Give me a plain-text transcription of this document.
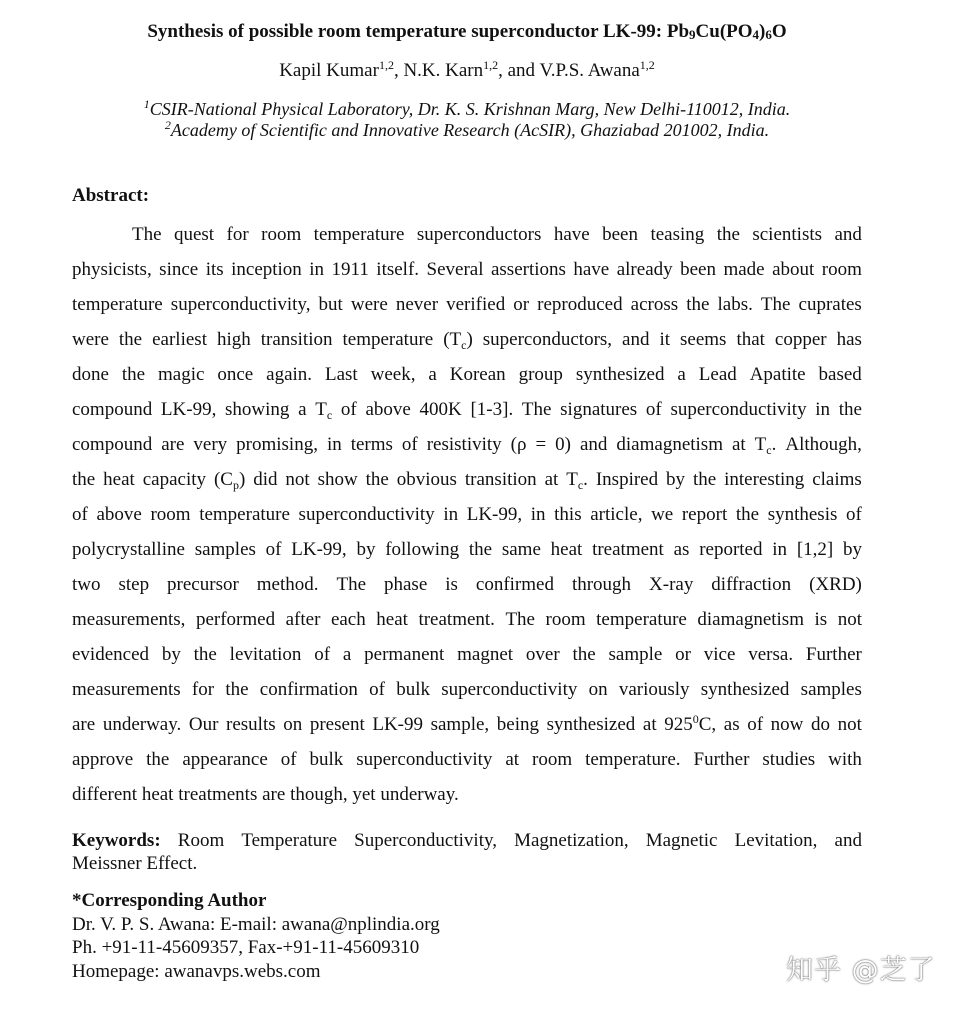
Synthesis of possible room temperature superconductor LK-99: $Pb_9Cu(PO_4)_6O$
Kapil Kumar$^{1,2}$, N.K. Karn$^{1,2}$, and V.P.S. Awana$^{1,2}$
$^1$CSIR-National Physical Laboratory, Dr. K. S. Krishnan Marg, New Delhi-110012, India.
$^2$Academy of Scientific and Innovative Research (AcSIR), Ghaziabad 201002, India.
Abstract:
The quest for room temperature superconductors have been teasing the scientists and
physicists, since its inception in 1911 itself. Several assertions have already been made about room
temperature superconductivity, but were never verified or reproduced across the labs. The cuprates
were the earliest high transition temperature $(T_c)$ superconductors, and it seems that copper has
done the magic once again. Last week, a Korean group synthesized a Lead Apatite based
compound LK-99, showing a $T_c$ of above 400K [1-3]. The signatures of superconductivity in the
compound are very promising, in terms of resistivity (ρ = 0) and diamagnetism at $T_c$. Although,
the heat capacity $(C_p)$ did not show the obvious transition at $T_c$. Inspired by the interesting claims
of above room temperature superconductivity in LK-99, in this article, we report the synthesis of
polycrystalline samples of LK-99, by following the same heat treatment as reported in [1,2] by
two step precursor method. The phase is confirmed through X-ray diffraction (XRD)
measurements, performed after each heat treatment. The room temperature diamagnetism is not
evidenced by the levitation of a permanent magnet over the sample or vice versa. Further
measurements for the confirmation of bulk superconductivity on variously synthesized samples
are underway. Our results on present LK-99 sample, being synthesized at $925^0C$, as of now do not
approve the appearance of bulk superconductivity at room temperature. Further studies with
different
heat
treatments
are
though,
yet
underway.
Keywords: Room Temperature Superconductivity, Magnetization, Magnetic Levitation, and
Meissner
Effect.
*Corresponding Author
Dr. V. P. S. Awana: E-mail: awana@nplindia.org
Ph. +91-11-45609357, Fax-+91-11-45609310
Homepage: awanavps.webs.com	知乎 @芝了
